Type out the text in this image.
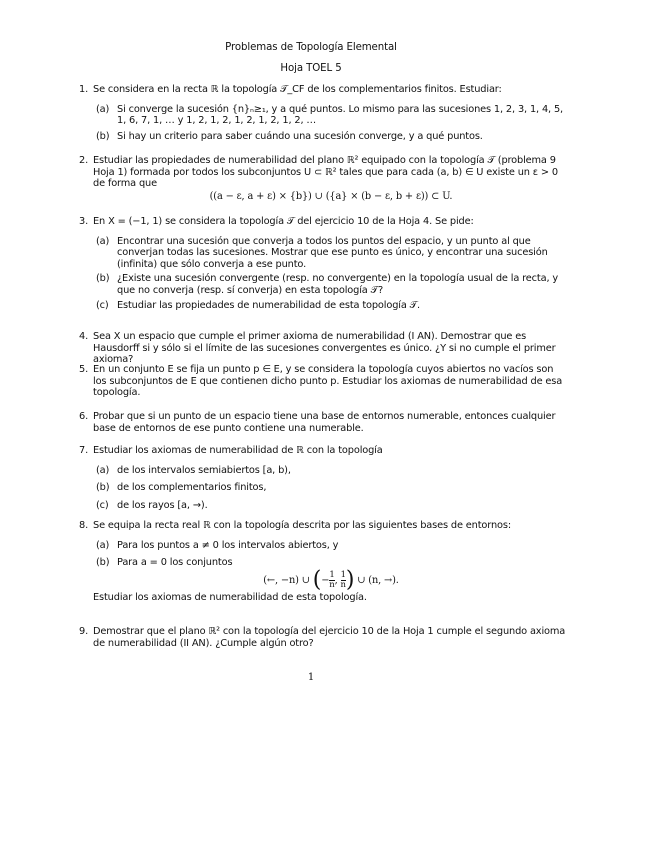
Problemas de Topología Elemental
Hoja TOEL 5
1. Se considera en la recta ℝ la topología 𝒯_CF de los complementarios finitos. Estudiar:
(a) Si converge la sucesión {n}ₙ≥₁, y a qué puntos. Lo mismo para las sucesiones 1, 2, 3, 1, 4, 5, 1, 6, 7, 1, … y 1, 2, 1, 2, 1, 2, 1, 2, 1, 2, …
(b) Si hay un criterio para saber cuándo una sucesión converge, y a qué puntos.
2. Estudiar las propiedades de numerabilidad del plano ℝ² equipado con la topología 𝒯 (problema 9 Hoja 1) formada por todos los subconjuntos U ⊂ ℝ² tales que para cada (a, b) ∈ U existe un ε > 0 de forma que
((a − ε, a + ε) × {b}) ∪ ({a} × (b − ε, b + ε)) ⊂ U.
3. En X = (−1, 1) se considera la topología 𝒯 del ejercicio 10 de la Hoja 4. Se pide:
(a) Encontrar una sucesión que converja a todos los puntos del espacio, y un punto al que converjan todas las sucesiones. Mostrar que ese punto es único, y encontrar una sucesión (infinita) que sólo converja a ese punto.
(b) ¿Existe una sucesión convergente (resp. no convergente) en la topología usual de la recta, y que no converja (resp. sí converja) en esta topología 𝒯?
(c) Estudiar las propiedades de numerabilidad de esta topología 𝒯.
4. Sea X un espacio que cumple el primer axioma de numerabilidad (I AN). Demostrar que es Hausdorff si y sólo si el límite de las sucesiones convergentes es único. ¿Y si no cumple el primer axioma?
5. En un conjunto E se fija un punto p ∈ E, y se considera la topología cuyos abiertos no vacíos son los subconjuntos de E que contienen dicho punto p. Estudiar los axiomas de numerabilidad de esa topología.
6. Probar que si un punto de un espacio tiene una base de entornos numerable, entonces cualquier base de entornos de ese punto contiene una numerable.
7. Estudiar los axiomas de numerabilidad de ℝ con la topología
(a) de los intervalos semiabiertos [a, b),
(b) de los complementarios finitos,
(c) de los rayos [a, →).
8. Se equipa la recta real ℝ con la topología descrita por las siguientes bases de entornos:
(a) Para los puntos a ≠ 0 los intervalos abiertos, y
(b) Para a = 0 los conjuntos
(←, −n) ∪ (− $\frac{1}{n}$ , $\frac{1}{n}$ ) ∪ (n, →).
Estudiar los axiomas de numerabilidad de esta topología.
9. Demostrar que el plano ℝ² con la topología del ejercicio 10 de la Hoja 1 cumple el segundo axioma de numerabilidad (II AN). ¿Cumple algún otro?
1
